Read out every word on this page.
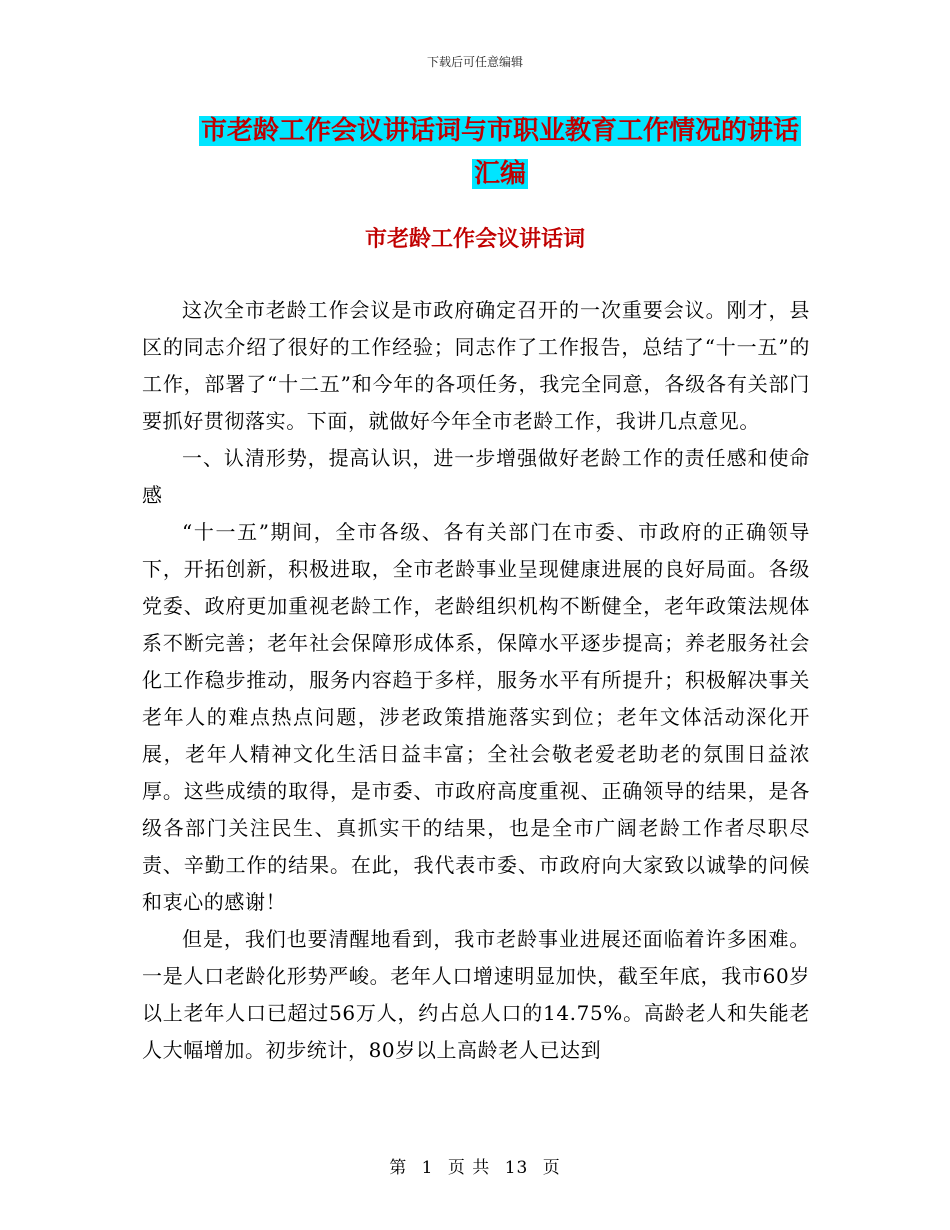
下载后可任意编辑
市老龄工作会议讲话词与市职业教育工作情况的讲话
汇编
市老龄工作会议讲话词

这次全市老龄工作会议是市政府确定召开的一次重要会议。刚才，县区的同志介绍了很好的工作经验；同志作了工作报告，总结了“十一五”的工作，部署了“十二五”和今年的各项任务，我完全同意，各级各有关部门要抓好贯彻落实。下面，就做好今年全市老龄工作，我讲几点意见。

一、认清形势，提高认识，进一步增强做好老龄工作的责任感和使命感

“十一五”期间，全市各级、各有关部门在市委、市政府的正确领导下，开拓创新，积极进取，全市老龄事业呈现健康进展的良好局面。各级党委、政府更加重视老龄工作，老龄组织机构不断健全，老年政策法规体系不断完善；老年社会保障形成体系，保障水平逐步提高；养老服务社会化工作稳步推动，服务内容趋于多样，服务水平有所提升；积极解决事关老年人的难点热点问题，涉老政策措施落实到位；老年文体活动深化开展，老年人精神文化生活日益丰富；全社会敬老爱老助老的氛围日益浓厚。这些成绩的取得，是市委、市政府高度重视、正确领导的结果，是各级各部门关注民生、真抓实干的结果，也是全市广阔老龄工作者尽职尽责、辛勤工作的结果。在此，我代表市委、市政府向大家致以诚挚的问候和衷心的感谢！

但是，我们也要清醒地看到，我市老龄事业进展还面临着许多困难。一是人口老龄化形势严峻。老年人口增速明显加快，截至年底，我市60岁以上老年人口已超过56万人，约占总人口的14.75%。高龄老人和失能老人大幅增加。初步统计，80岁以上高龄老人已达到

第 1 页 共 13 页
